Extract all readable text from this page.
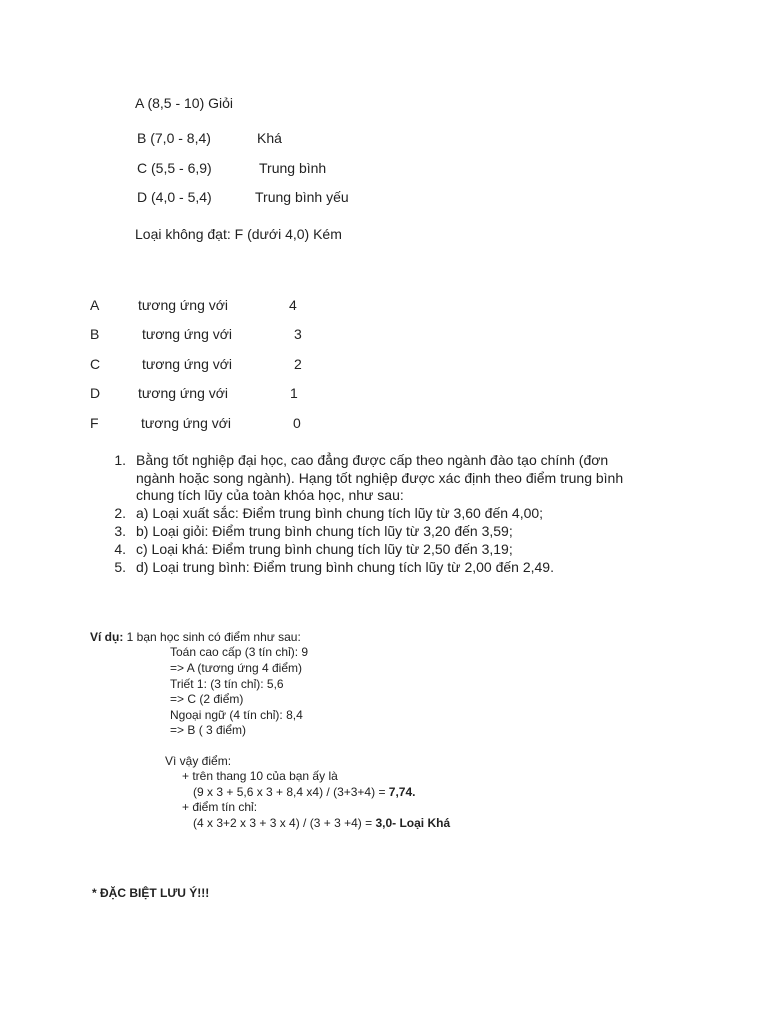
A (8,5 - 10) Giỏi
B (7,0 - 8,4)	Khá
C (5,5 - 6,9)	Trung bình
D (4,0 - 5,4)	Trung bình yếu
Loại không đạt: F (dưới 4,0) Kém
A	tương ứng với	4
B	tương ứng với	3
C	tương ứng với	2
D	tương ứng với	1
F	tương ứng với	0
1. Bằng tốt nghiệp đại học, cao đẳng được cấp theo ngành đào tạo chính (đơn
ngành hoặc song ngành). Hạng tốt nghiệp được xác định theo điểm trung bình
chung tích lũy của toàn khóa học, như sau:
2. a) Loại xuất sắc: Điểm trung bình chung tích lũy từ 3,60 đến 4,00;
3. b) Loại giỏi: Điểm trung bình chung tích lũy từ 3,20 đến 3,59;
4. c) Loại khá: Điểm trung bình chung tích lũy từ 2,50 đến 3,19;
5. d) Loại trung bình: Điểm trung bình chung tích lũy từ 2,00 đến 2,49.
Ví dụ: 1 bạn học sinh có điểm như sau:
Toán cao cấp (3 tín chỉ): 9
=> A (tương ứng 4 điểm)
Triết 1: (3 tín chỉ): 5,6
=> C (2 điểm)
Ngoại ngữ (4 tín chỉ): 8,4
=> B ( 3 điểm)
Vì vậy điểm:
+ trên thang 10 của bạn ấy là
(9 x 3 + 5,6 x 3 + 8,4 x4) / (3+3+4) = 7,74.
+ điểm tín chỉ:
(4 x 3+2 x 3 + 3 x 4) / (3 + 3 +4) = 3,0- Loại Khá
* ĐẶC BIỆT LƯU Ý!!!
